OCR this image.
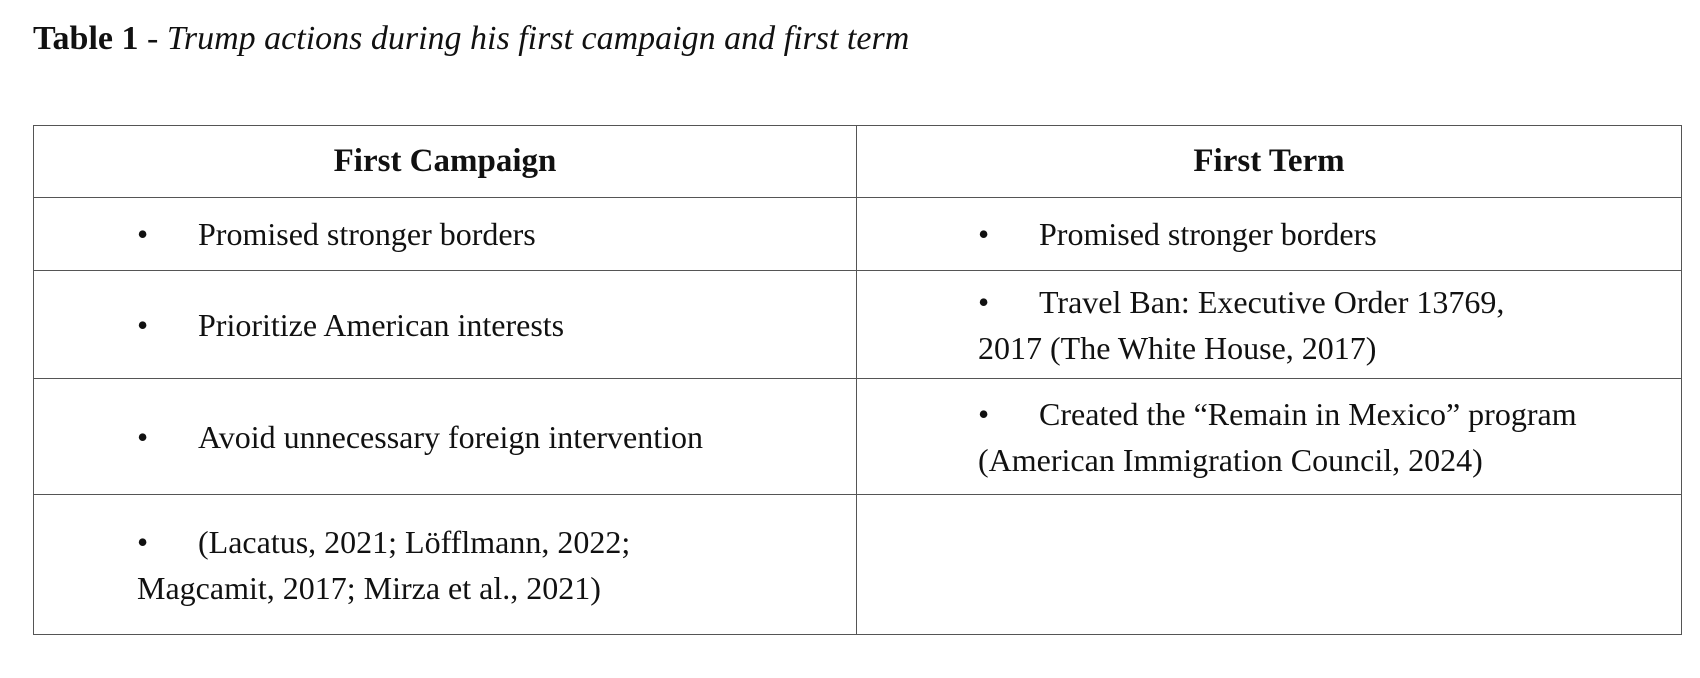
Table 1 - Trump actions during his first campaign and first term
First Campaign	First Term

• Promised stronger borders	• Promised stronger borders

• Prioritize American interests	• Travel Ban: Executive Order 13769,
2017 (The White House, 2017)

• Avoid unnecessary foreign intervention	• Created the “Remain in Mexico” program
(American Immigration Council, 2024)

• (Lacatus, 2021; Löfflmann, 2022;
Magcamit, 2017; Mirza et al., 2021)	
